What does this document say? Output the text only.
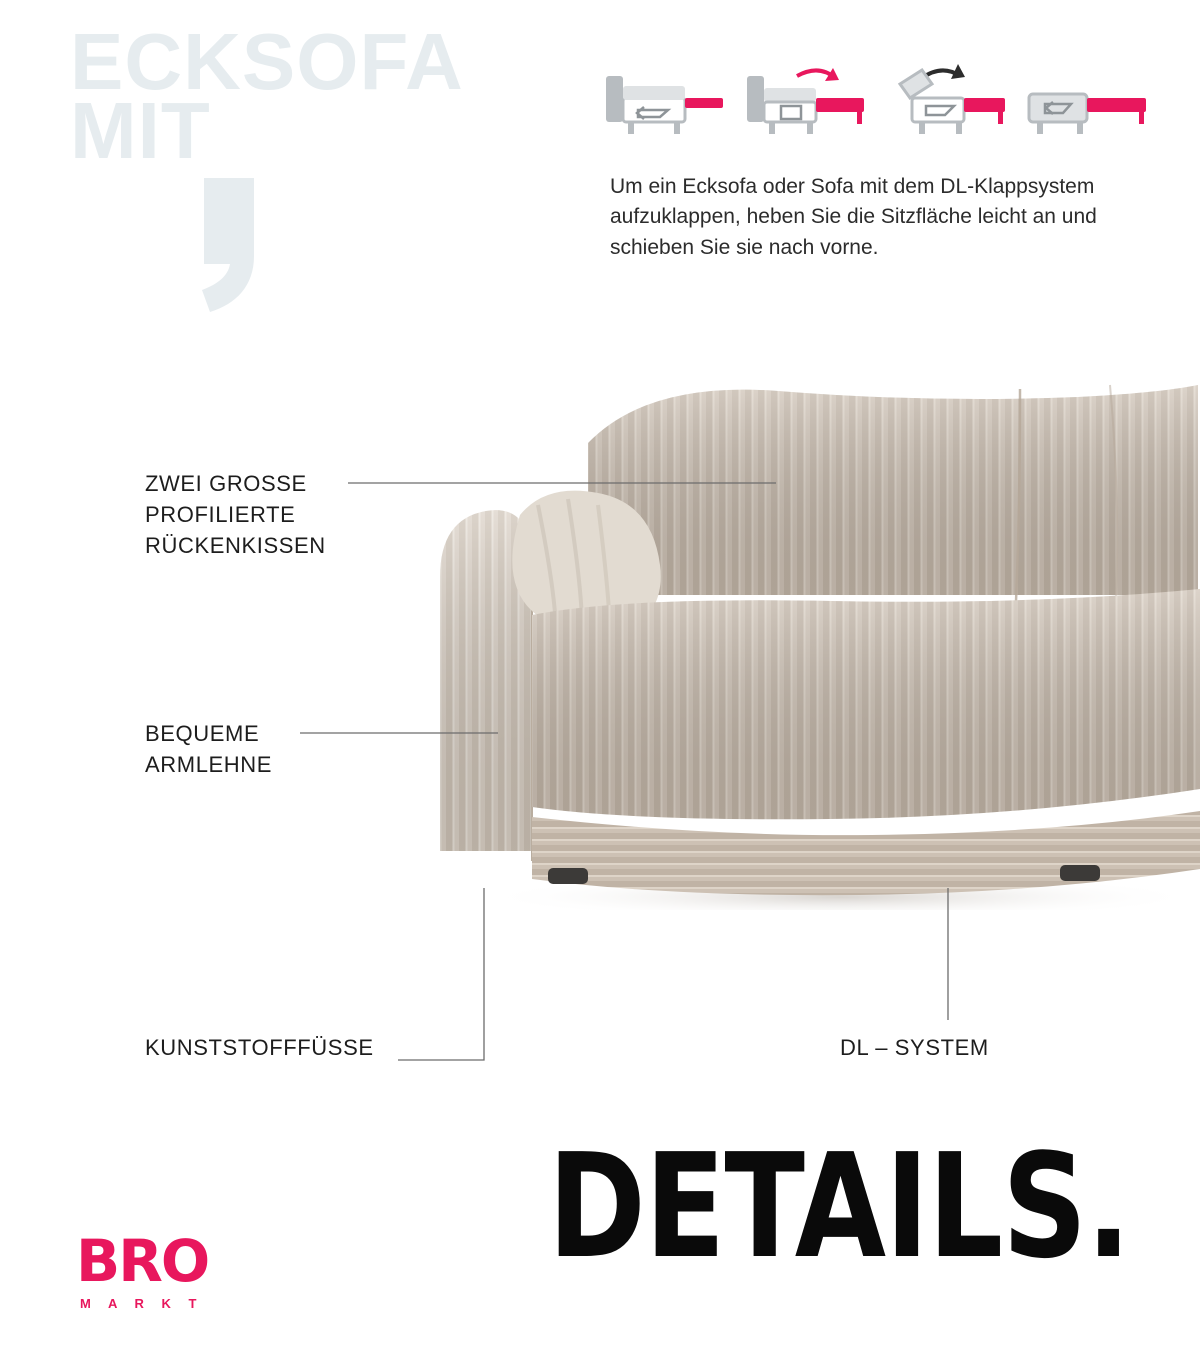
ECKSOFA
MIT
Um ein Ecksofa oder Sofa mit dem DL-Klappsystem aufzuklappen, heben Sie die Sitzfläche leicht an und schieben Sie sie nach vorne.
ZWEI GROSSE PROFILIERTE RÜCKENKISSEN
BEQUEME ARMLEHNE
KUNSTSTOFFFÜSSE	DL – SYSTEM
BRO
M A R K T
DETAILS.
